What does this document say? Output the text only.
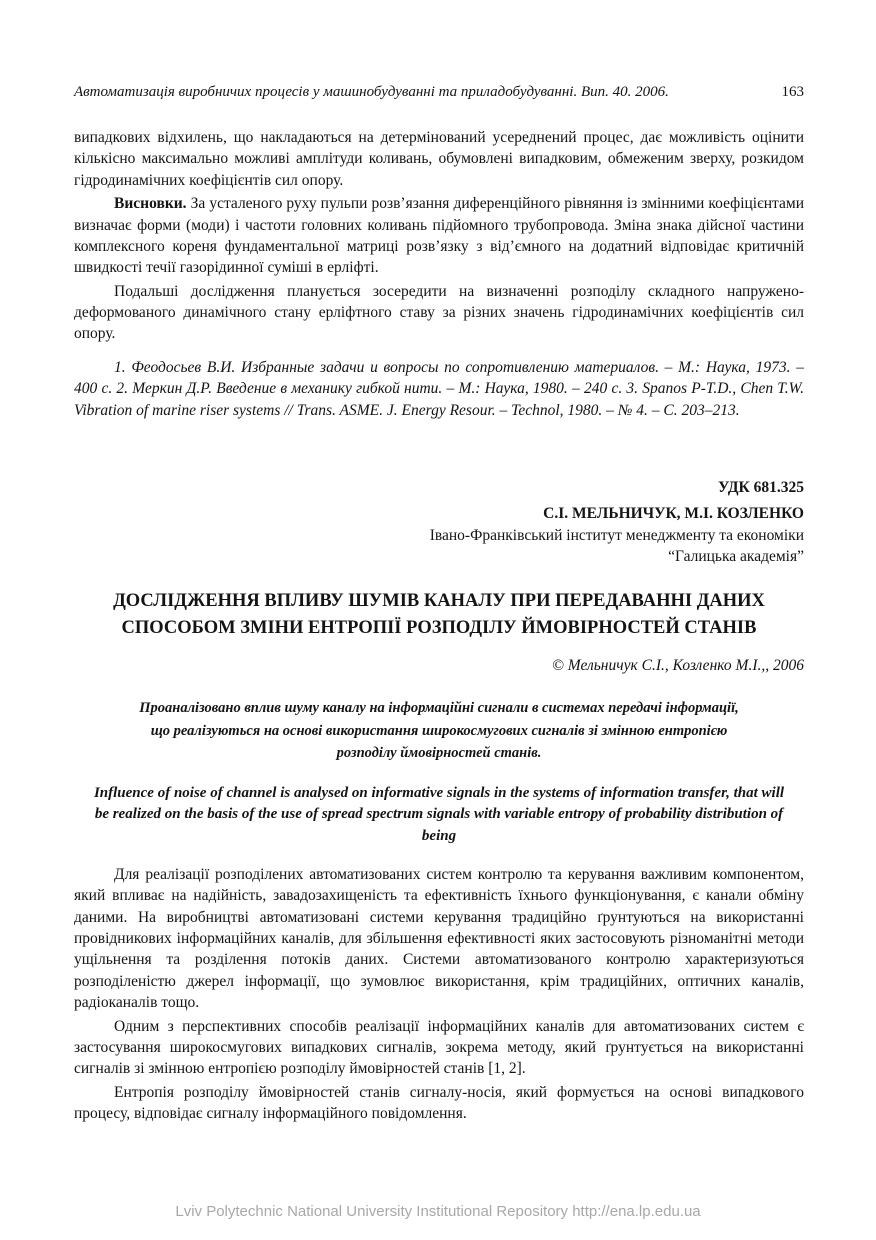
Автоматизація виробничих процесів у машинобудуванні та приладобудуванні. Вип. 40. 2006.	163

випадкових відхилень, що накладаються на детермінований усереднений процес, дає можливість оцінити кількісно максимально можливі амплітуди коливань, обумовлені випадковим, обмеженим зверху, розкидом гідродинамічних коефіцієнтів сил опору.

Висновки. За усталеного руху пульпи розв’язання диференційного рівняння із змінними коефіцієнтами визначає форми (моди) і частоти головних коливань підйомного трубопровода. Зміна знака дійсної частини комплексного кореня фундаментальної матриці розв’язку з від’ємного на додатний відповідає критичній швидкості течії газорідинної суміші в ерліфті.

Подальші дослідження планується зосередити на визначенні розподілу складного напружено-деформованого динамічного стану ерліфтного ставу за різних значень гідродинамічних коефіцієнтів сил опору.

1. Феодосьев В.И. Избранные задачи и вопросы по сопротивлению материалов. – М.: Наука, 1973. – 400 с. 2. Меркин Д.Р. Введение в механику гибкой нити. – М.: Наука, 1980. – 240 с. 3. Spanos P-T.D., Chen T.W. Vibration of marine riser systems // Trans. ASME. J. Energy Resour. – Technol, 1980. – № 4. – С. 203–213.

УДК 681.325
С.І. МЕЛЬНИЧУК, М.І. КОЗЛЕНКО
Івано-Франківський інститут менеджменту та економіки
“Галицька академія”
ДОСЛІДЖЕННЯ ВПЛИВУ ШУМІВ КАНАЛУ ПРИ ПЕРЕДАВАННІ ДАНИХ СПОСОБОМ ЗМІНИ ЕНТРОПІЇ РОЗПОДІЛУ ЙМОВІРНОСТЕЙ СТАНІВ
© Мельничук С.І., Козленко М.І.,, 2006
Проаналізовано вплив шуму каналу на інформаційні сигнали в системах передачі інформації, що реалізуються на основі використання широкосмугових сигналів зі змінною ентропією розподілу ймовірностей станів.
Influence of noise of channel is analysed on informative signals in the systems of information transfer, that will be realized on the basis of the use of spread spectrum signals with variable entropy of probability distribution of being

Для реалізації розподілених автоматизованих систем контролю та керування важливим компонентом, який впливає на надійність, завадозахищеність та ефективність їхнього функціонування, є канали обміну даними. На виробництві автоматизовані системи керування традиційно ґрунтуються на використанні провідникових інформаційних каналів, для збільшення ефективності яких застосовують різноманітні методи ущільнення та розділення потоків даних. Системи автоматизованого контролю характеризуються розподіленістю джерел інформації, що зумовлює використання, крім традиційних, оптичних каналів, радіоканалів тощо.

Одним з перспективних способів реалізації інформаційних каналів для автоматизованих систем є застосування широкосмугових випадкових сигналів, зокрема методу, який ґрунтується на використанні сигналів зі змінною ентропією розподілу ймовірностей станів [1, 2].

Ентропія розподілу ймовірностей станів сигналу-носія, який формується на основі випадкового процесу, відповідає сигналу інформаційного повідомлення.

Lviv Polytechnic National University Institutional Repository http://ena.lp.edu.ua
